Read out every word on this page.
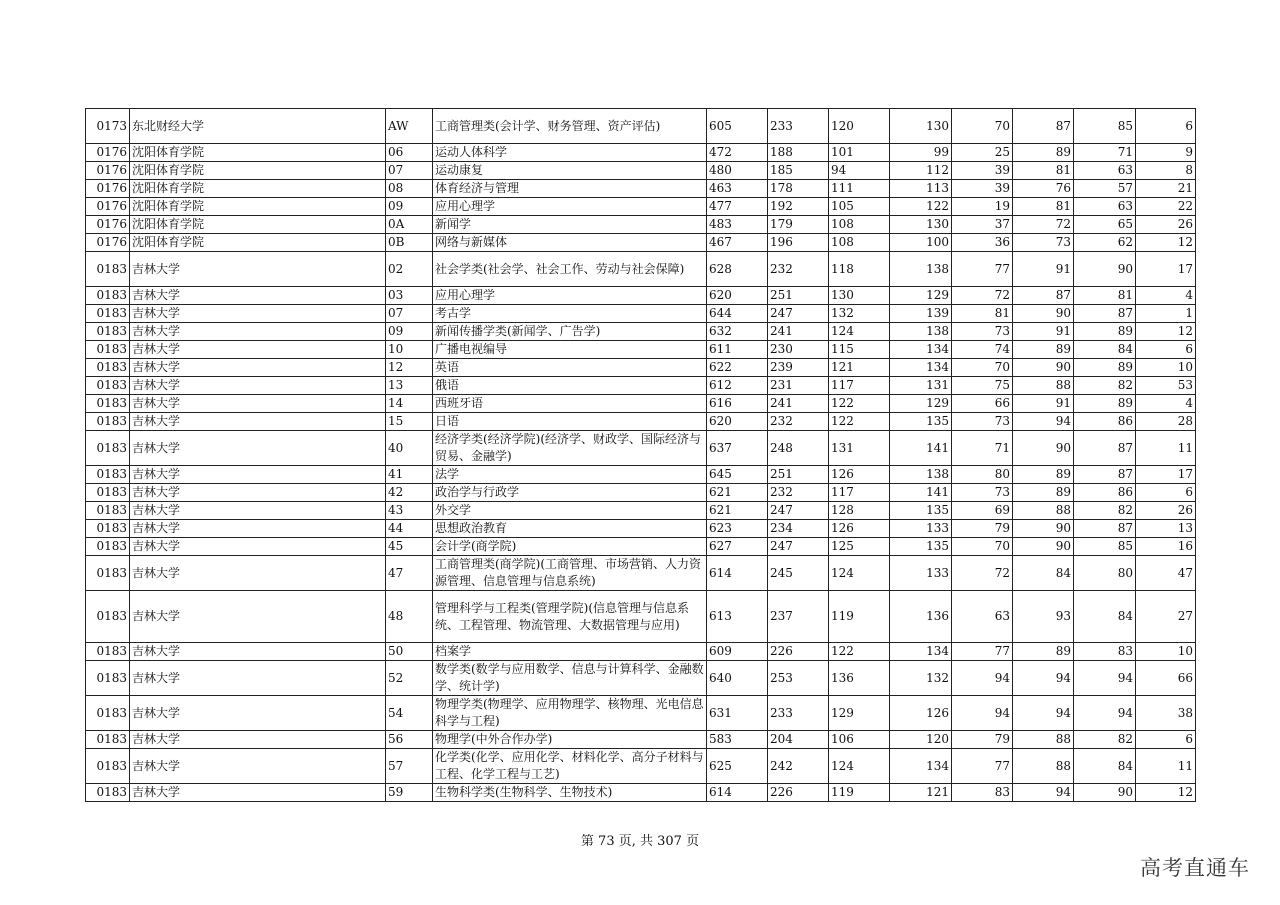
0173	东北财经大学	AW	工商管理类(会计学、财务管理、资产评估)	605	233	120	130	70	87	85	6
0176	沈阳体育学院	06	运动人体科学	472	188	101	99	25	89	71	9
0176	沈阳体育学院	07	运动康复	480	185	94	112	39	81	63	8
0176	沈阳体育学院	08	体育经济与管理	463	178	111	113	39	76	57	21
0176	沈阳体育学院	09	应用心理学	477	192	105	122	19	81	63	22
0176	沈阳体育学院	0A	新闻学	483	179	108	130	37	72	65	26
0176	沈阳体育学院	0B	网络与新媒体	467	196	108	100	36	73	62	12
0183	吉林大学	02	社会学类(社会学、社会工作、劳动与社会保障)	628	232	118	138	77	91	90	17
0183	吉林大学	03	应用心理学	620	251	130	129	72	87	81	4
0183	吉林大学	07	考古学	644	247	132	139	81	90	87	1
0183	吉林大学	09	新闻传播学类(新闻学、广告学)	632	241	124	138	73	91	89	12
0183	吉林大学	10	广播电视编导	611	230	115	134	74	89	84	6
0183	吉林大学	12	英语	622	239	121	134	70	90	89	10
0183	吉林大学	13	俄语	612	231	117	131	75	88	82	53
0183	吉林大学	14	西班牙语	616	241	122	129	66	91	89	4
0183	吉林大学	15	日语	620	232	122	135	73	94	86	28
0183	吉林大学	40	经济学类(经济学院)(经济学、财政学、国际经济与贸易、金融学)	637	248	131	141	71	90	87	11
0183	吉林大学	41	法学	645	251	126	138	80	89	87	17
0183	吉林大学	42	政治学与行政学	621	232	117	141	73	89	86	6
0183	吉林大学	43	外交学	621	247	128	135	69	88	82	26
0183	吉林大学	44	思想政治教育	623	234	126	133	79	90	87	13
0183	吉林大学	45	会计学(商学院)	627	247	125	135	70	90	85	16
0183	吉林大学	47	工商管理类(商学院)(工商管理、市场营销、人力资源管理、信息管理与信息系统)	614	245	124	133	72	84	80	47
0183	吉林大学	48	管理科学与工程类(管理学院)(信息管理与信息系统、工程管理、物流管理、大数据管理与应用)	613	237	119	136	63	93	84	27
0183	吉林大学	50	档案学	609	226	122	134	77	89	83	10
0183	吉林大学	52	数学类(数学与应用数学、信息与计算科学、金融数学、统计学)	640	253	136	132	94	94	94	66
0183	吉林大学	54	物理学类(物理学、应用物理学、核物理、光电信息科学与工程)	631	233	129	126	94	94	94	38
0183	吉林大学	56	物理学(中外合作办学)	583	204	106	120	79	88	82	6
0183	吉林大学	57	化学类(化学、应用化学、材料化学、高分子材料与工程、化学工程与工艺)	625	242	124	134	77	88	84	11
0183	吉林大学	59	生物科学类(生物科学、生物技术)	614	226	119	121	83	94	90	12
第 73 页, 共 307 页
高考直通车
